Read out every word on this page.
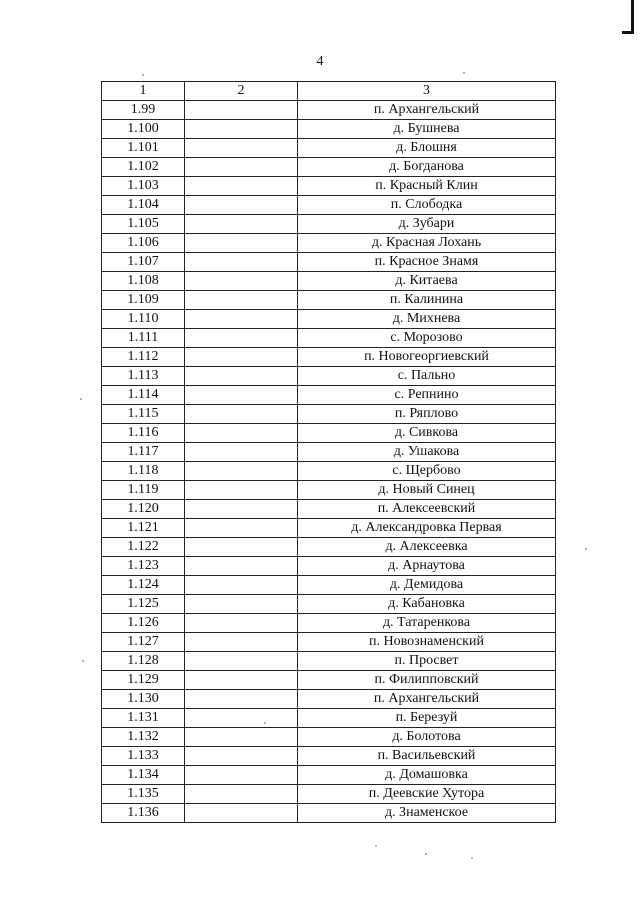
4
1	2	3
1.99		п. Архангельский
1.100		д. Бушнева
1.101		д. Блошня
1.102		д. Богданова
1.103		п. Красный Клин
1.104		п. Слободка
1.105		д. Зубари
1.106		д. Красная Лохань
1.107		п. Красное Знамя
1.108		д. Китаева
1.109		п. Калинина
1.110		д. Михнева
1.111		с. Морозово
1.112		п. Новогеоргиевский
1.113		с. Пально
1.114		с. Репнино
1.115		п. Ряплово
1.116		д. Сивкова
1.117		д. Ушакова
1.118		с. Щербово
1.119		д. Новый Синец
1.120		п. Алексеевский
1.121		д. Александровка Первая
1.122		д. Алексеевка
1.123		д. Арнаутова
1.124		д. Демидова
1.125		д. Кабановка
1.126		д. Татаренкова
1.127		п. Новознаменский
1.128		п. Просвет
1.129		п. Филипповский
1.130		п. Архангельский
1.131		п. Березуй
1.132		д. Болотова
1.133		п. Васильевский
1.134		д. Домашовка
1.135		п. Деевские Хутора
1.136		д. Знаменское
